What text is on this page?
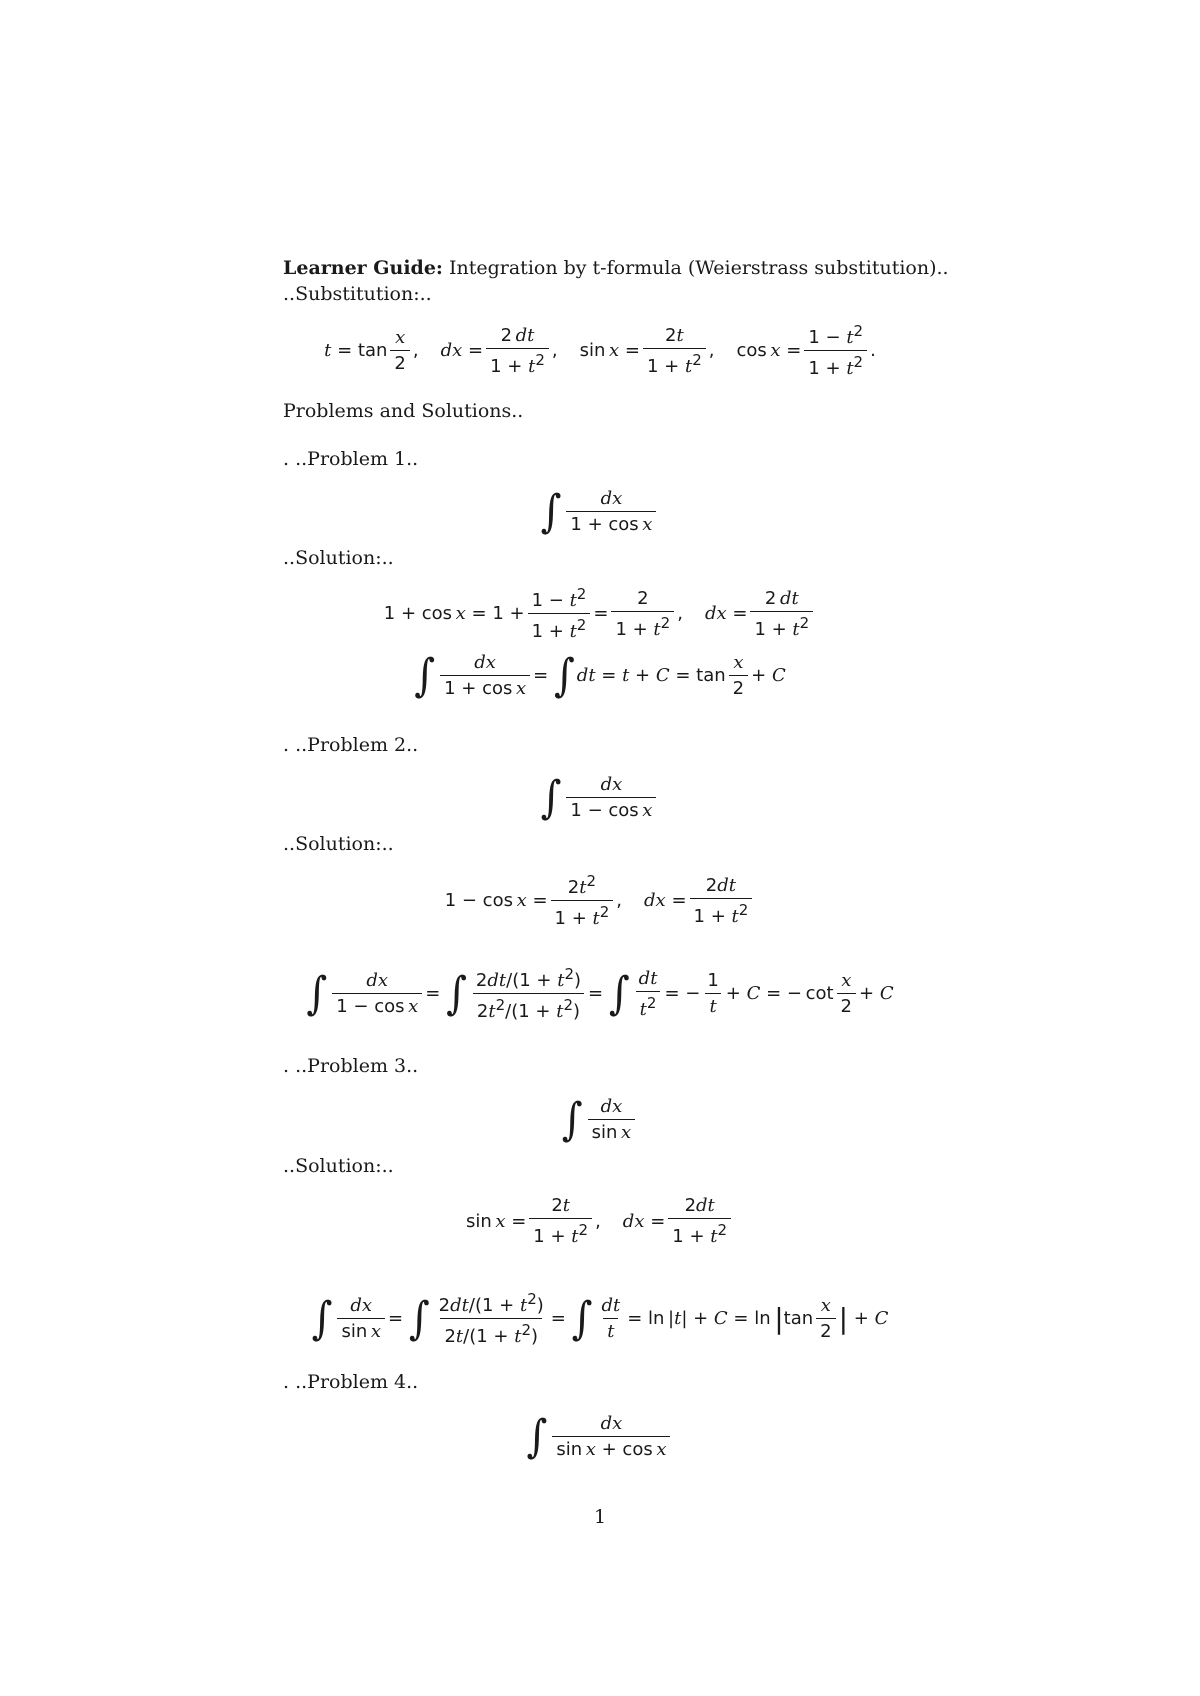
Learner Guide: Integration by t-formula (Weierstrass substitution)..
..Substitution:..
$t = \tan \frac{x}{2}$ , dx = $\frac{2 dt}{1 + t^2}$ ,
$\sin x = \frac{2t}{1 + t^2}$ ,
$\cos x = \frac{1 - t^2}{1 + t^2}$ .
Problems and Solutions..
. ..Problem 1..
∫ $\frac{dx}{\text{1 + cos x}}$
..Solution:..
$1 + \cos x = 1 + \frac{1 - t^2}{1 + t^2} = \frac{2}{1 + t^2}$ , dx = $\frac{2 dt}{1 + t^2}$
∫ $\frac{dx}{\text{1 + cos x}}$ = ∫ dt = $t + C = \tan \frac{x}{2} + C$
. ..Problem 2..
∫ $\frac{dx}{\text{1 − cos x}}$
..Solution:..
$1 - \cos x = \frac{2t^2}{1 + t^2}$ , dx = $\frac{2dt}{1 + t^2}$
∫ $\frac{dx}{\text{1 − cos x}}$ = ∫ $\frac{2dt/(1 + t^2)}{2t^2/(1 + t^2)}$ = ∫ $\frac{dt}{t^2}$ = − $\frac{1}{t} + C$ = − $\cot \frac{x}{2} + C$
. ..Problem 3..
∫ $\frac{dx}{\text{sin x}}$
..Solution:..
$\sin x = \frac{2t}{1 + t^2}$ , dx = $\frac{2dt}{1 + t^2}$
∫ $\frac{dx}{\text{sin x}}$ = ∫ $\frac{2dt/(1 + t^2)}{2t/(1 + t^2)}$ = ∫ $\frac{dt}{t} = \ln$ | t | + C = ln  | $\tan \frac{x}{2}$ | + C
. ..Problem 4..
∫ $\frac{dx}{\text{sin x + cos x}}$
1
